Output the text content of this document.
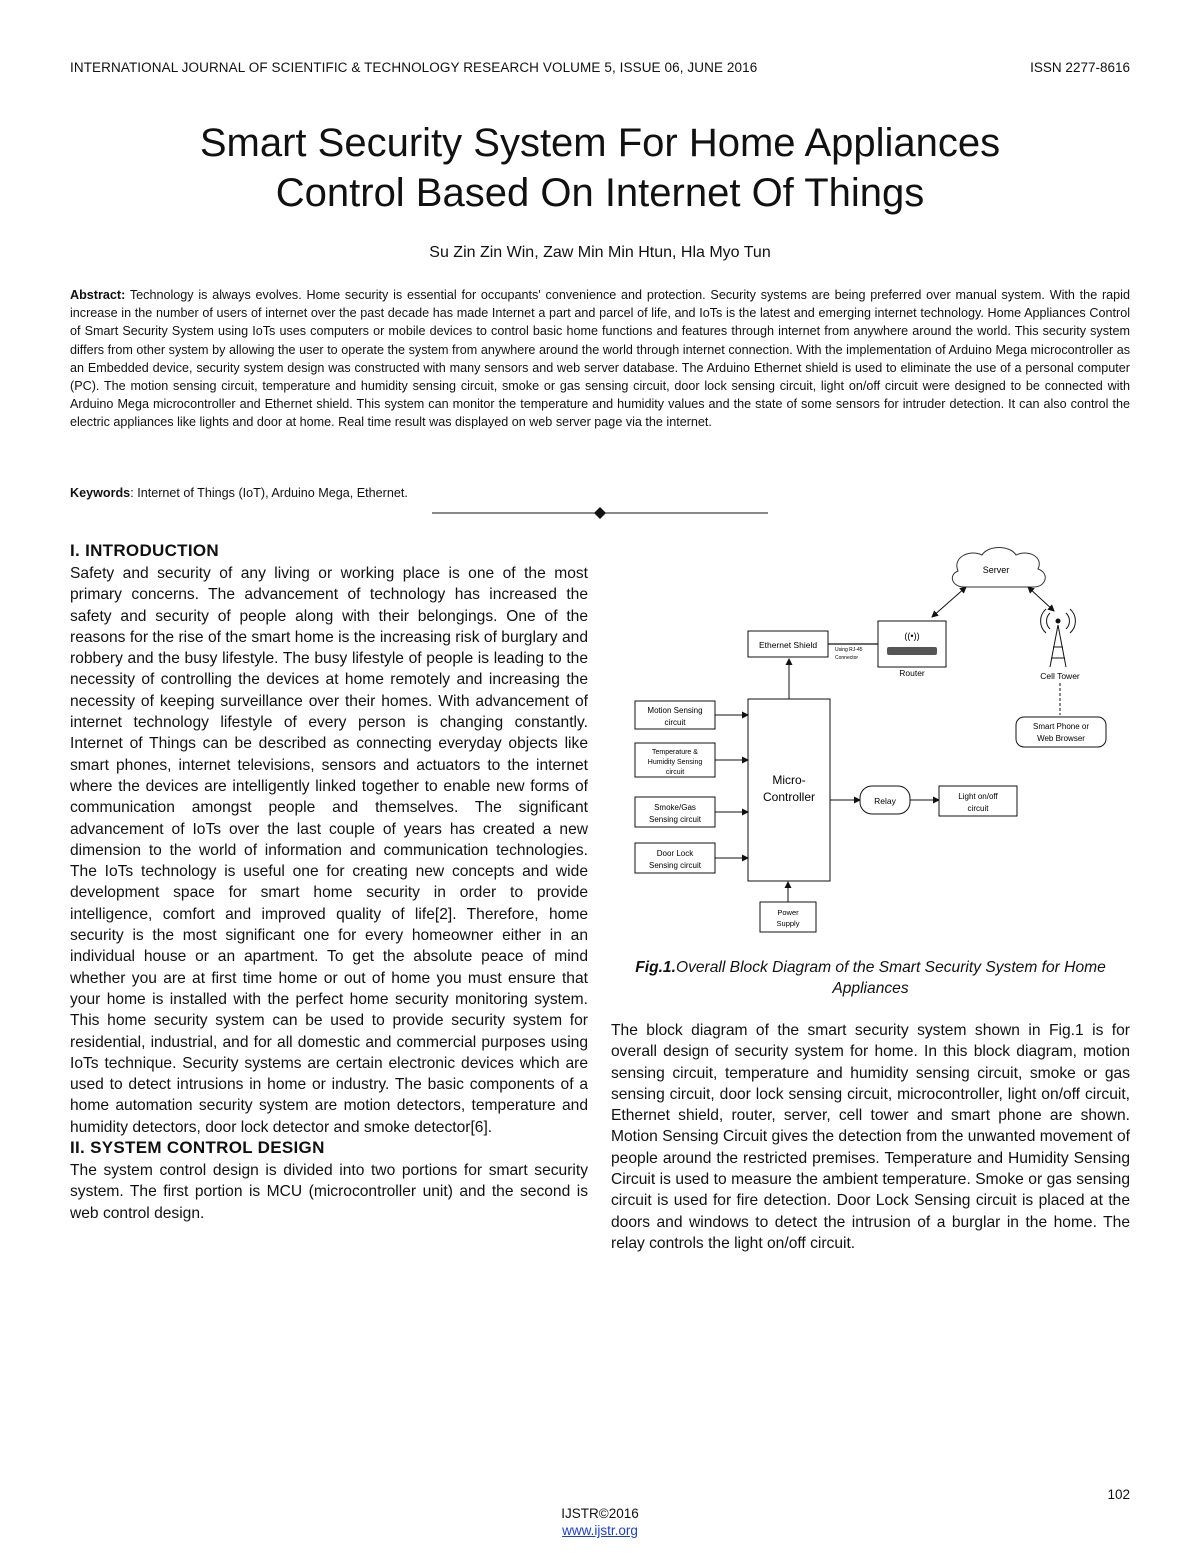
INTERNATIONAL JOURNAL OF SCIENTIFIC & TECHNOLOGY RESEARCH VOLUME 5, ISSUE 06, JUNE 2016	ISSN 2277-8616
Smart Security System For Home Appliances
Control Based On Internet Of Things
Su Zin Zin Win, Zaw Min Min Htun, Hla Myo Tun

Abstract: Technology is always evolves. Home security is essential for occupants' convenience and protection. Security systems are being preferred over manual system. With the rapid increase in the number of users of internet over the past decade has made Internet a part and parcel of life, and IoTs is the latest and emerging internet technology. Home Appliances Control of Smart Security System using IoTs uses computers or mobile devices to control basic home functions and features through internet from anywhere around the world. This security system differs from other system by allowing the user to operate the system from anywhere around the world through internet connection. With the implementation of Arduino Mega microcontroller as an Embedded device, security system design was constructed with many sensors and web server database. The Arduino Ethernet shield is used to eliminate the use of a personal computer (PC). The motion sensing circuit, temperature and humidity sensing circuit, smoke or gas sensing circuit, door lock sensing circuit, light on/off circuit were designed to be connected with Arduino Mega microcontroller and Ethernet shield. This system can monitor the temperature and humidity values and the state of some sensors for intruder detection. It can also control the electric appliances like lights and door at home. Real time result was displayed on web server page via the internet.

Keywords: Internet of Things (IoT), Arduino Mega, Ethernet.

I. INTRODUCTION

Safety and security of any living or working place is one of the most primary concerns. The advancement of technology has increased the safety and security of people along with their belongings. One of the reasons for the rise of the smart home is the increasing risk of burglary and robbery and the busy lifestyle. The busy lifestyle of people is leading to the necessity of controlling the devices at home remotely and increasing the necessity of keeping surveillance over their homes. With advancement of internet technology lifestyle of every person is changing constantly. Internet of Things can be described as connecting everyday objects like smart phones, internet televisions, sensors and actuators to the internet where the devices are intelligently linked together to enable new forms of communication amongst people and themselves. The significant advancement of IoTs over the last couple of years has created a new dimension to the world of information and communication technologies. The IoTs technology is useful one for creating new concepts and wide development space for smart home security in order to provide intelligence, comfort and improved quality of life[2]. Therefore, home security is the most significant one for every homeowner either in an individual house or an apartment. To get the absolute peace of mind whether you are at first time home or out of home you must ensure that your home is installed with the perfect home security monitoring system. This home security system can be used to provide security system for residential, industrial, and for all domestic and commercial purposes using IoTs technique. Security systems are certain electronic devices which are used to detect intrusions in home or industry. The basic components of a home automation security system are motion detectors, temperature and humidity detectors, door lock detector and smoke detector[6].

II. SYSTEM CONTROL DESIGN

The system control design is divided into two portions for smart security system. The first portion is MCU (microcontroller unit) and the second is web control design.

Server
Ethernet Shield	Using RJ-45
Connector
((•))
Router	Cell Tower
Smart Phone or
Web Browser
Micro-
Controller
Motion Sensing
circuit
Temperature &
Humidity Sensing
circuit
Smoke/Gas
Sensing circuit
Door Lock
Sensing circuit
Relay	Light on/off
circuit
Power
Supply
Fig.1.Overall Block Diagram of the Smart Security System for Home Appliances

The block diagram of the smart security system shown in Fig.1 is for overall design of security system for home. In this block diagram, motion sensing circuit, temperature and humidity sensing circuit, smoke or gas sensing circuit, door lock sensing circuit, microcontroller, light on/off circuit, Ethernet shield, router, server, cell tower and smart phone are shown. Motion Sensing Circuit gives the detection from the unwanted movement of people around the restricted premises. Temperature and Humidity Sensing Circuit is used to measure the ambient temperature. Smoke or gas sensing circuit is used for fire detection. Door Lock Sensing circuit is placed at the doors and windows to detect the intrusion of a burglar in the home. The relay controls the light on/off circuit.

102
IJSTR©2016
www.ijstr.org
